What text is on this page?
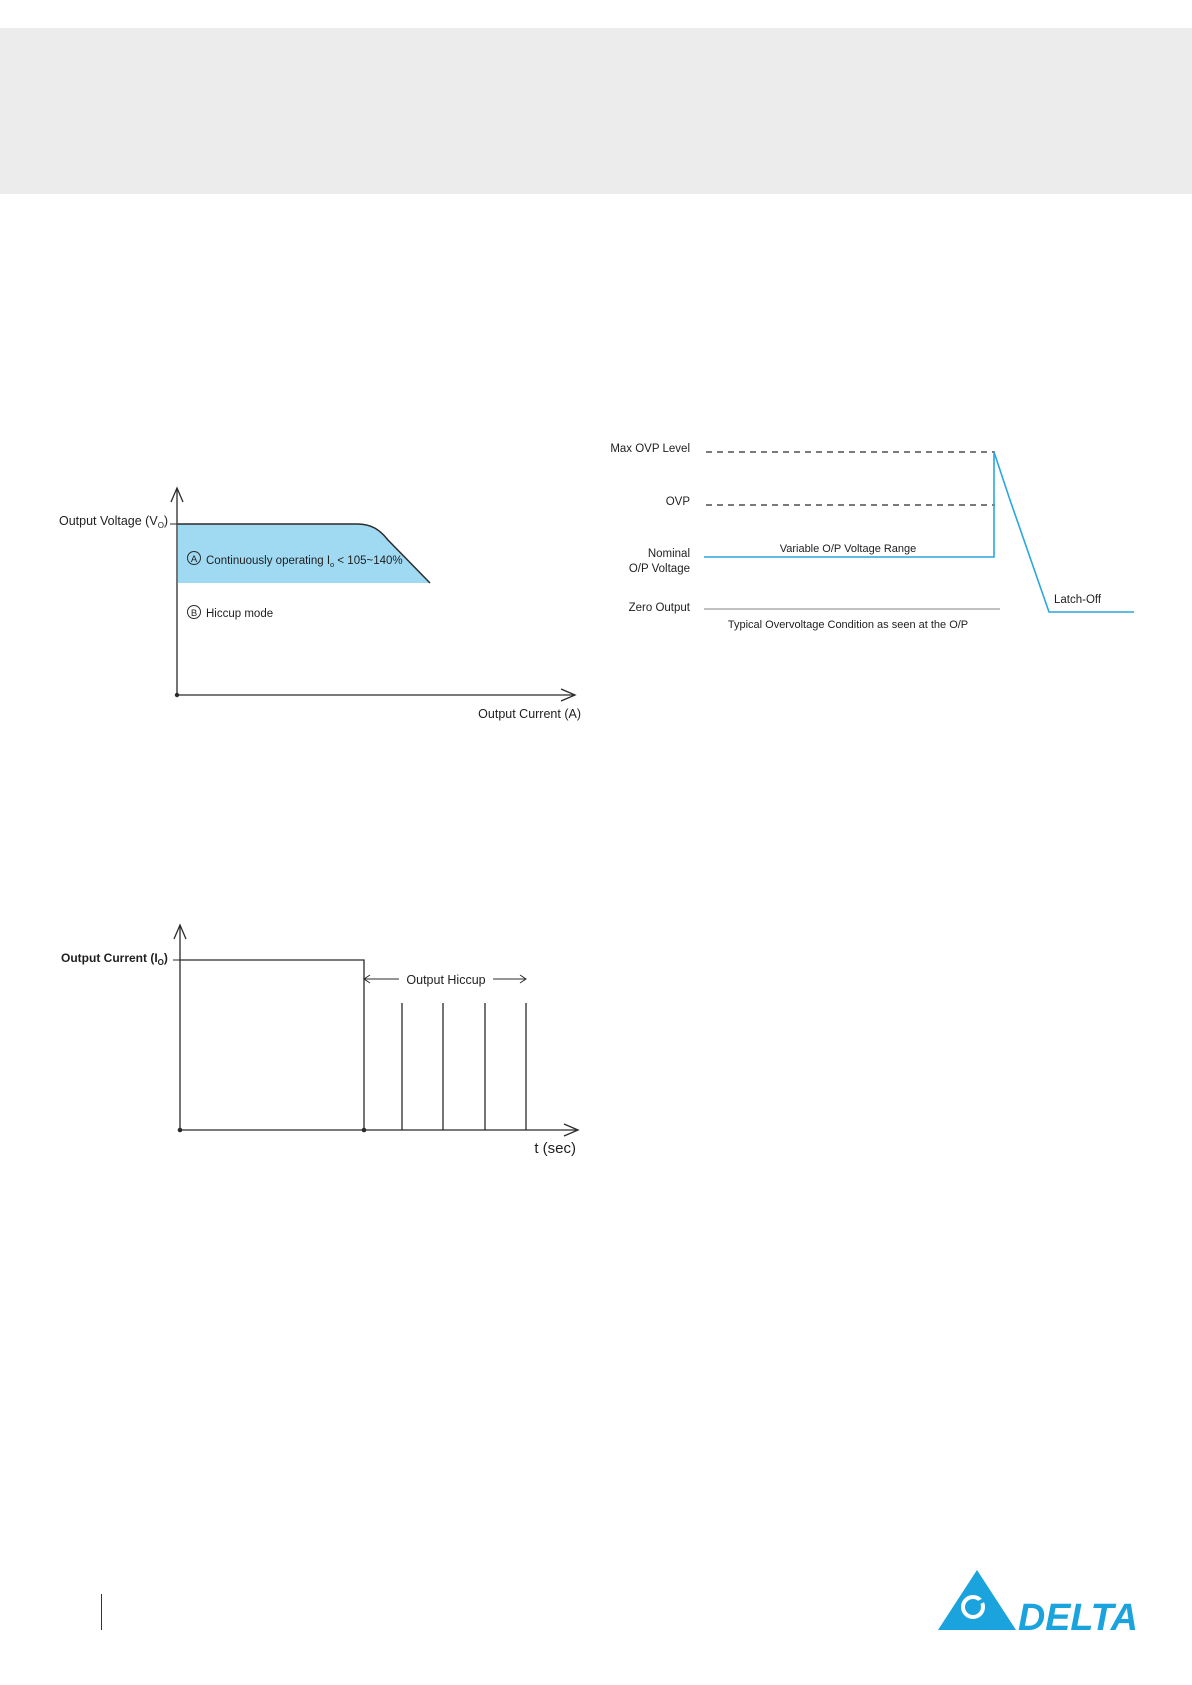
Output Voltage $(V_O)$
Output Current (A)
A Continuously operating $I_o$ < 105~140%
B Hiccup mode
Max OVP Level
OVP
Nominal
O/P Voltage
Zero Output
Variable O/P Voltage Range
Latch-Off
Typical Overvoltage Condition as seen at the O/P
Output Hiccup
Output Current $(I_O)$
t (sec)
DELTA
